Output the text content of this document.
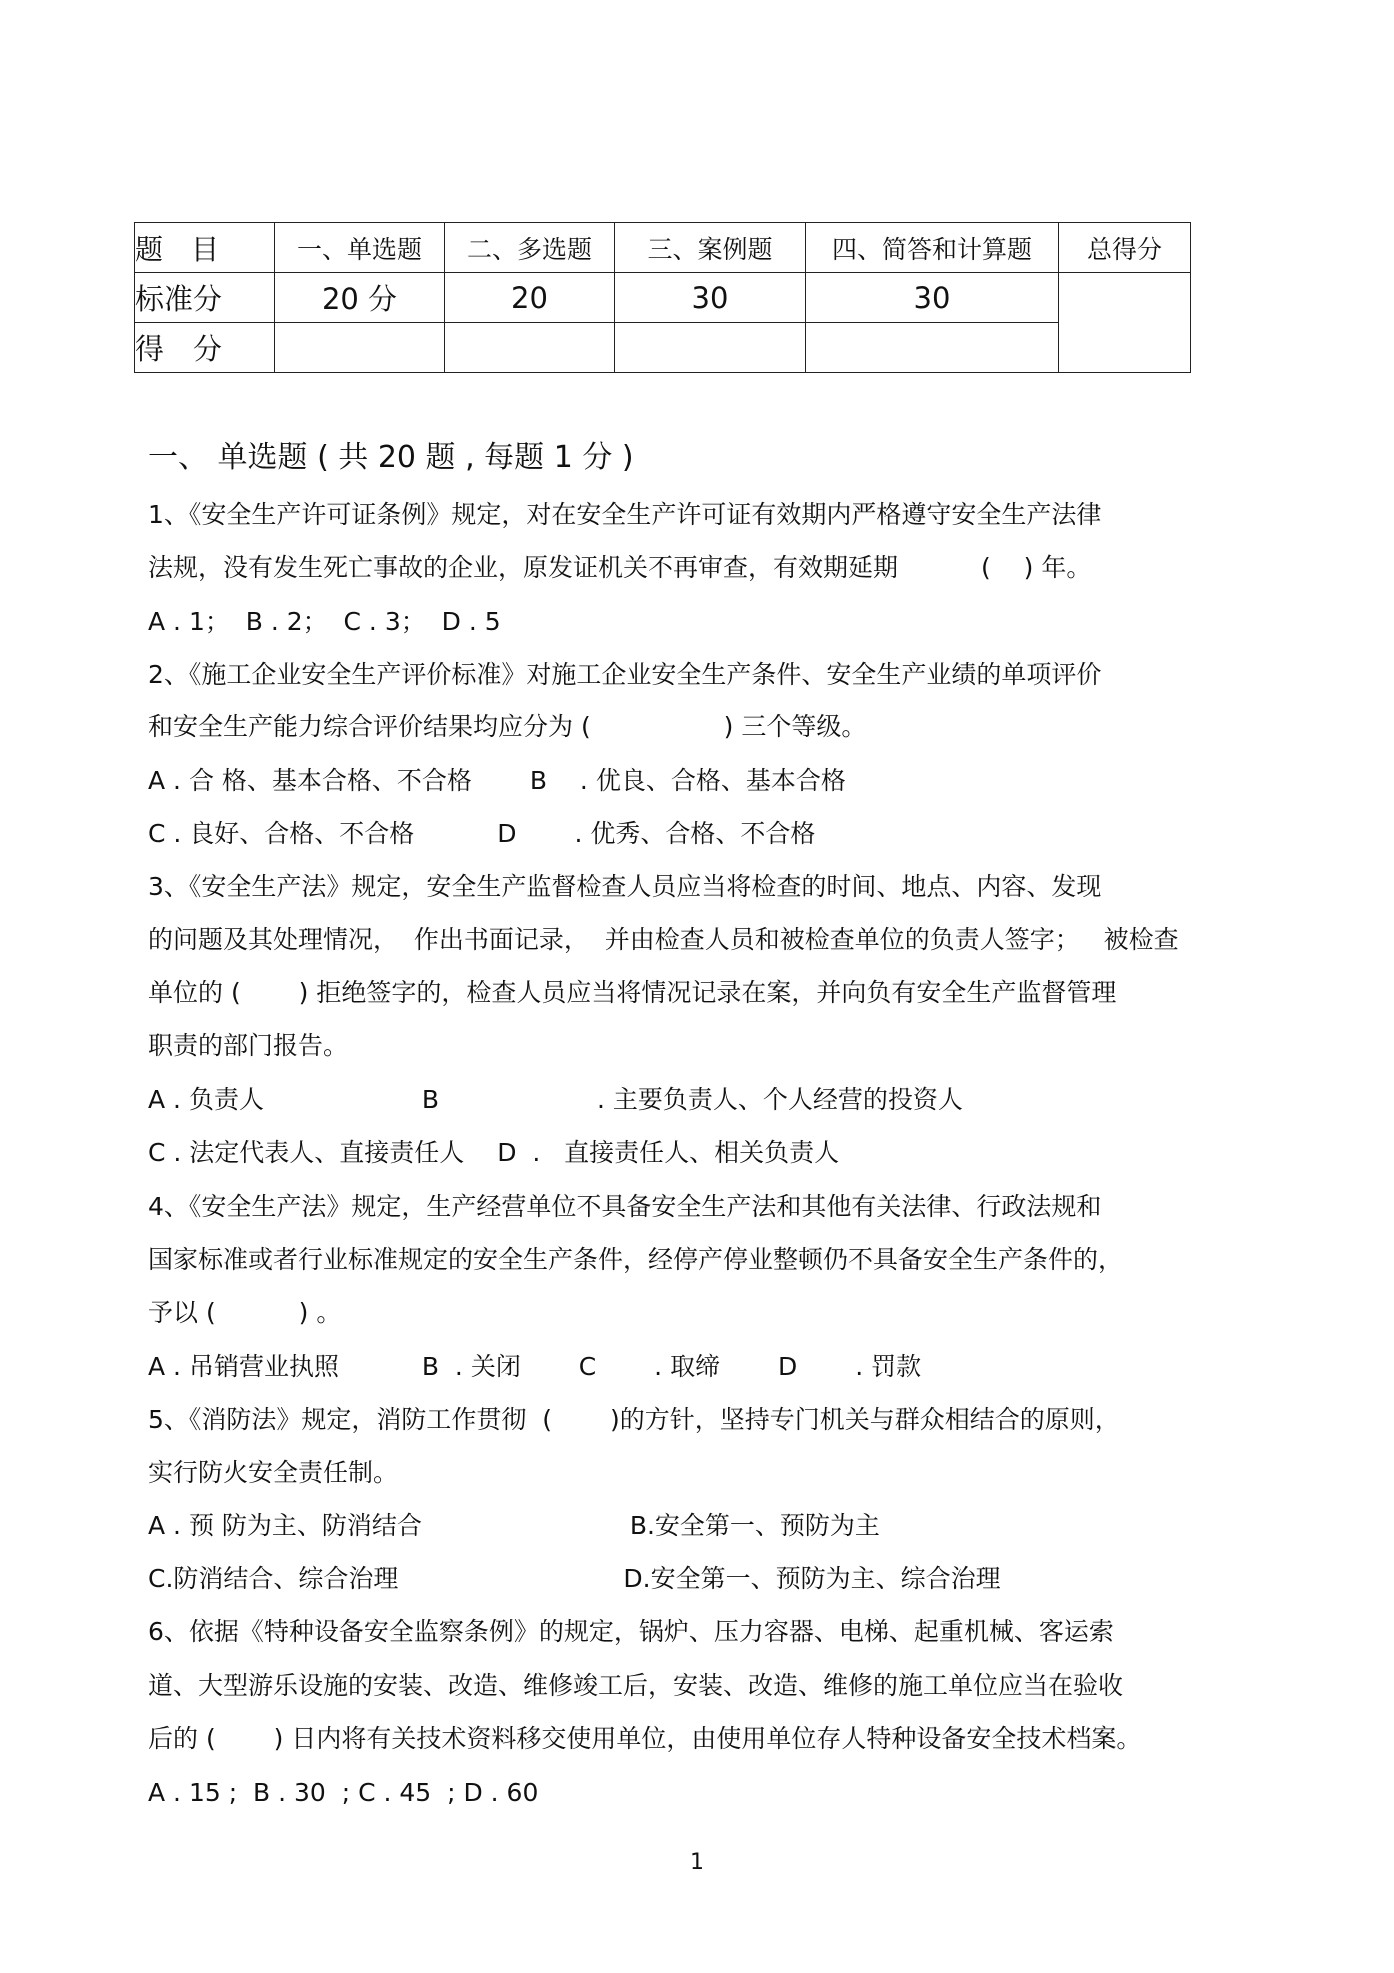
题　目	一、单选题	二、多选题	三、案例题	四、简答和计算题	总得分
标准分	20 分	20	30	30	
得　分					
一、 单选题 ( 共 20 题 , 每题 1 分 )
1、《安全生产许可证条例》规定，对在安全生产许可证有效期内严格遵守安全生产法律
法规，没有发生死亡事故的企业，原发证机关不再审查，有效期延期 　　　(　 ) 年。
A . 1；  B . 2；  C . 3；  D . 5
2、《施工企业安全生产评价标准》对施工企业安全生产条件、安全生产业绩的单项评价
和安全生产能力综合评价结果均应分为 (　　　　　 ) 三个等级。
A . 合 格、基本合格、不合格　　 B　 . 优良、合格、基本合格
C . 良好、合格、不合格　　　 D　　 . 优秀、合格、不合格
3、《安全生产法》规定，安全生产监督检查人员应当将检查的时间、地点、内容、发现
的问题及其处理情况，  作出书面记录，  并由检查人员和被检查单位的负责人签字；   被检查
单位的 (　　 ) 拒绝签字的，检查人员应当将情况记录在案，并向负有安全生产监督管理
职责的部门报告。
A . 负责人　　　　　　 B　　　　　　 . 主要负责人、个人经营的投资人
C . 法定代表人、直接责任人　 D  .   直接责任人、相关负责人
4、《安全生产法》规定，生产经营单位不具备安全生产法和其他有关法律、行政法规和
国家标准或者行业标准规定的安全生产条件，经停产停业整顿仍不具备安全生产条件的，
予以 (　　　 ) 。
A . 吊销营业执照　　　 B  . 关闭　　 C　　 . 取缔　　 D　　 . 罚款
5、《消防法》规定，消防工作贯彻  (　　 )的方针，坚持专门机关与群众相结合的原则，
实行防火安全责任制。
A . 预 防为主、防消结合　　　　　　　　 B.安全第一、预防为主
C.防消结合、综合治理　　　　　　　　　D.安全第一、预防为主、综合治理
6、依据《特种设备安全监察条例》的规定，锅炉、压力容器、电梯、起重机械、客运索
道、大型游乐设施的安装、改造、维修竣工后，安装、改造、维修的施工单位应当在验收
后的 (　　 ) 日内将有关技术资料移交使用单位，由使用单位存人特种设备安全技术档案。
A . 15 ;  B . 30  ; C . 45  ; D . 60
1
